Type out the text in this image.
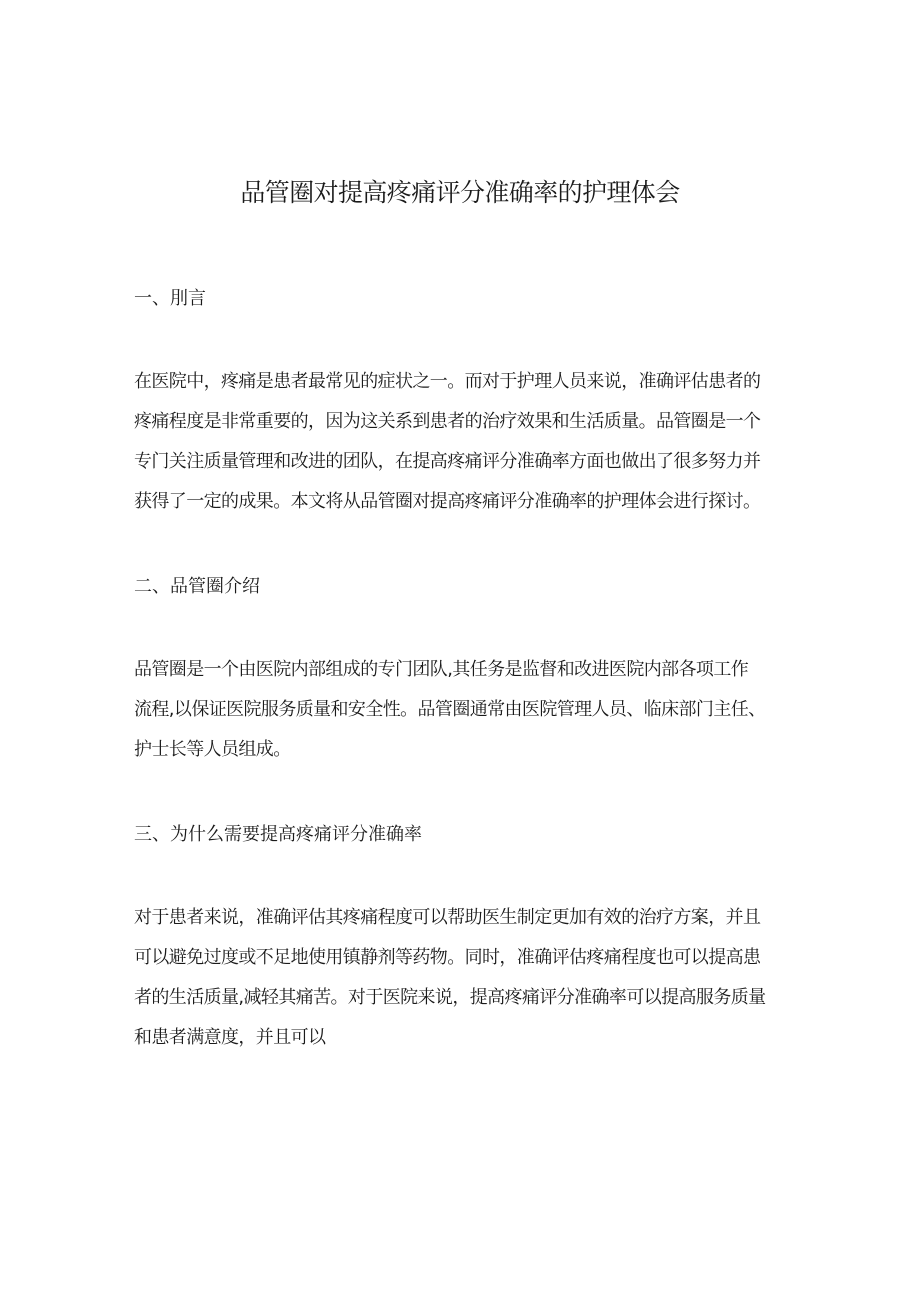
品管圈对提高疼痛评分准确率的护理体会
一、刖言
在医院中，疼痛是患者最常见的症状之一。而对于护理人员来说，准确评估患者的
疼痛程度是非常重要的，因为这关系到患者的治疗效果和生活质量。品管圈是一个
专门关注质量管理和改进的团队，在提高疼痛评分准确率方面也做出了很多努力并
获得了一定的成果。本文将从品管圈对提高疼痛评分准确率的护理体会进行探讨。
二、品管圈介绍
品管圈是一个由医院内部组成的专门团队,其任务是监督和改进医院内部各项工作
流程,以保证医院服务质量和安全性。品管圈通常由医院管理人员、临床部门主任、
护士长等人员组成。
三、为什么需要提高疼痛评分准确率
对于患者来说，准确评估其疼痛程度可以帮助医生制定更加有效的治疗方案，并且
可以避免过度或不足地使用镇静剂等药物。同时，准确评估疼痛程度也可以提高患
者的生活质量,减轻其痛苦。对于医院来说，提高疼痛评分准确率可以提高服务质量
和患者满意度，并且可以
